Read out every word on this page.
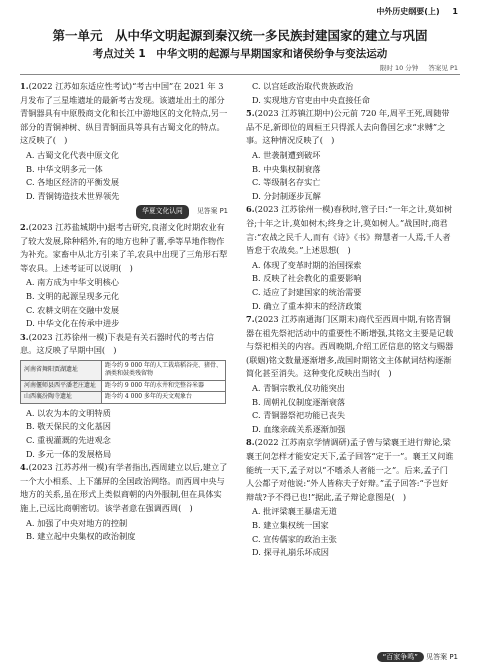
中外历史纲要(上) 1
第一单元　从中华文明起源到秦汉统一多民族封建国家的建立与巩固
考点过关 1　中华文明的起源与早期国家和诸侯纷争与变法运动
限时 10 分钟 答案见 P1

1.(2022 江苏如东适应性考试)“考古中国”在 2021 年 3 月发布了三星堆遗址的最新考古发现。该遗址出土的部分青铜器具有中原殷商文化和长江中游地区的文化特点,另一部分的青铜神树、纵目青铜面具等具有古蜀文化的特点。这反映了(　)

A. 古蜀文化代表中原文化

B. 中华文明多元一体

C. 各地区经济的平衡发展

D. 青铜铸造技术世界领先

华夏文化认同 见答案 P1

2.(2023 江苏盐城期中)据考古研究,良渚文化时期农业有了较大发展,除种稻外,有的地方也种了薯,季等旱地作物作为补充。家畜中从北方引来了羊,农具中出现了三角形石犁等农具。上述考证可以说明(　)

A. 南方成为中华文明核心

B. 文明的起源呈现多元化

C. 农耕文明在交融中发展

D. 中华文化在传承中进步

3.(2023 江苏徐州一模)下表是有关石器时代的考古信息。这反映了早期中国(　)

河南省舞阳贾湖遗址	距今约 9 000 年的人工栽培稻谷壳、猪骨、酒类和鼓类残留物
河南偃师县西平潘老庄遗址	距今约 9 000 年的水井和完整谷米器
山西襄汾陶寺遗址	距今约 4 000 多年的天文观象台

A. 以农为本的文明特质

B. 敬天保民的文化基因

C. 重视灌溉的先进观念

D. 多元一体的发展格局

4.(2023 江苏苏州一模)有学者指出,西周建立以后,建立了一个大小相系、上下藩屏的全国政治网络。而西周中央与地方的关系,虽在形式上类似商朝的内外服制,但在具体实施上,已远比商朝密切。该学者意在强调西周(　)

A. 加强了中央对地方的控制

B. 建立起中央集权的政治制度

C. 以宫廷政治取代贵族政治

D. 实现地方官吏由中央直接任命

5.(2023 江苏镇江期中)公元前 720 年,周平王死,周随带品不足,新即位的周桓王只得派人去向鲁国乞求“求赙”之事。这种情况反映了(　)

A. 世袭制遭到破坏

B. 中央集权制衰落

C. 等级制名存实亡

D. 分封制逐步瓦解

6.(2023 江苏徐州一模)春秋时,管子曰:“一年之计,莫如树谷;十年之计,莫如树木;终身之计,莫如树人。”战国时,商君言:“农战之民千人,而有《诗》《书》辩慧者一人焉,千人者皆怠于农战矣。”上述思想(　)

A. 体现了变革时期的治国探索

B. 反映了社会教化的重要影响

C. 适应了封建国家的统治需要

D. 确立了重本抑末的经济政策

7.(2023 江苏南通海门区期末)商代至西周中期,有铭青铜器在祖先祭祀活动中的重要性不断增强,其铭文主要是记载与祭祀相关的内容。西周晚期,介绍工匠信息的铭文与赐器(联姻)铭文数量逐渐增多,战国时期铭文主体献词结构逐渐简化甚至消失。这种变化反映出当时(　)

A. 青铜宗教礼仪功能突出

B. 周朝礼仪制度逐渐衰落

C. 青铜器祭祀功能已丧失

D. 血缘亲疏关系逐渐加强

8.(2022 江苏南京学情调研)孟子曾与梁襄王进行辩论,梁襄王问怎样才能安定天下,孟子回答“定于一”。襄王又问谁能统一天下,孟子对以“不嗜杀人者能一之”。后来,孟子门人公都子对他说:“外人皆称夫子好辩。”孟子回答:“予岂好辩哉?予不得已也!”据此,孟子辩论意图是(　)

A. 批评梁襄王暴虐无道

B. 建立集权统一国家

C. 宣传儒家的政治主张

D. 探寻礼崩乐坏成因

“百家争鸣” 见答案 P1
